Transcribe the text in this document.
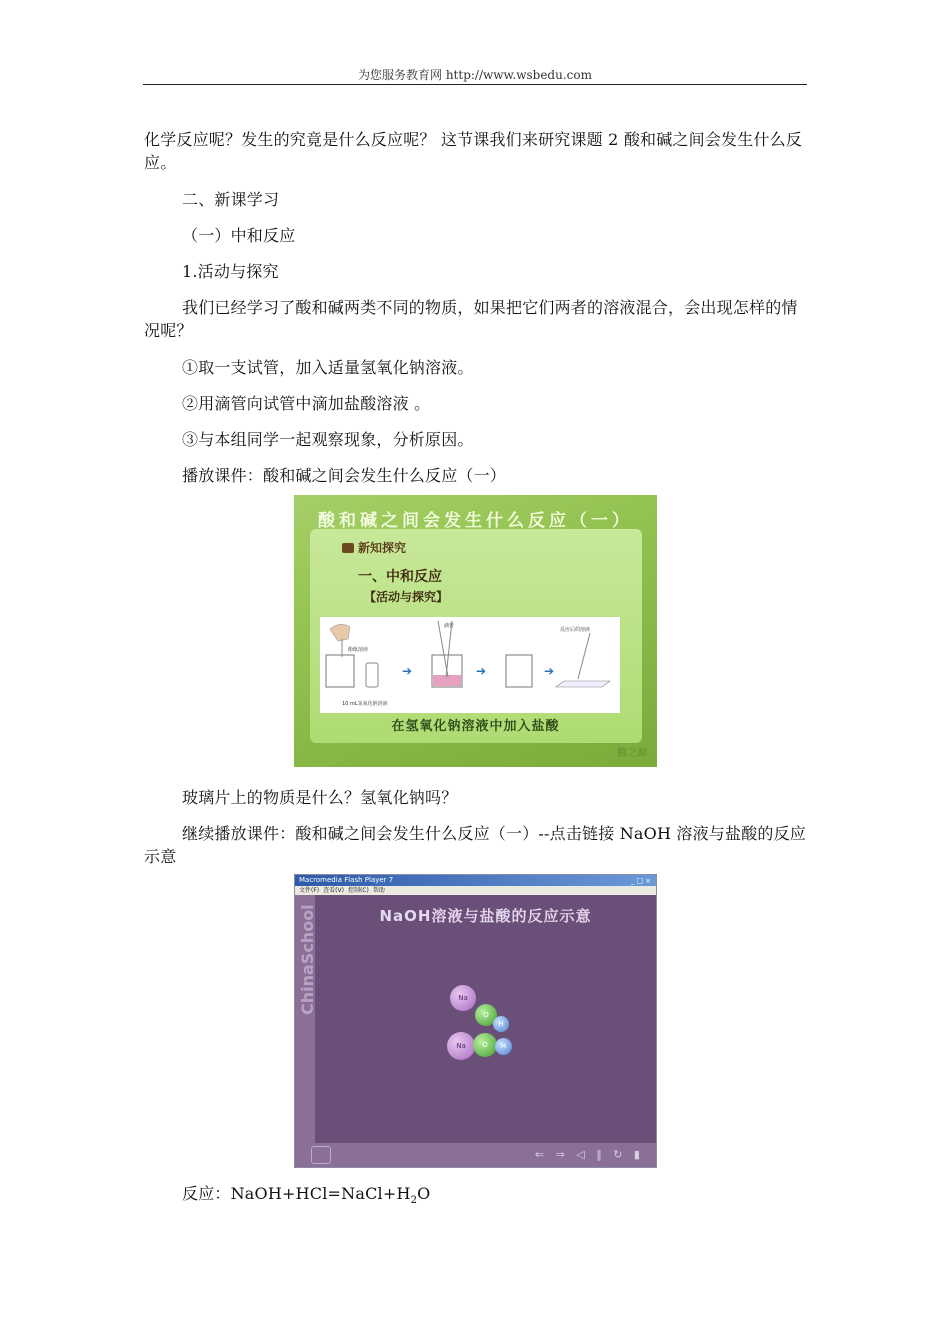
为您服务教育网 http://www.wsbedu.com
化学反应呢？发生的究竟是什么反应呢？ 这节课我们来研究课题 2 酸和碱之间会发生什么反应。
二、新课学习
（一）中和反应
1.活动与探究
我们已经学习了酸和碱两类不同的物质，如果把它们两者的溶液混合，会出现怎样的情况呢？
①取一支试管，加入适量氢氧化钠溶液。
②用滴管向试管中滴加盐酸溶液 。
③与本组同学一起观察现象，分析原因。
播放课件：酸和碱之间会发生什么反应（一）
酸和碱之间会发生什么反应（一）
新知探究
一、中和反应
【活动与探究】
酚酞溶液
10 mL氢氧化钠溶液
滴管
➔	➔	➔
反应后的溶液
在氢氧化钠溶液中加入盐酸
腾之源
玻璃片上的物质是什么？氢氧化钠吗？
继续播放课件：酸和碱之间会发生什么反应（一）--点击链接 NaOH 溶液与盐酸的反应示意
Macromedia Flash Player 7	_□×
文件(F) 查看(V) 控制(C) 帮助
ChinaSchool	NaOH溶液与盐酸的反应示意
Na
O
H
Na	O	H
⇐ ⇒ ◁ ‖ ↻ ▮
反应：$NaOH+HCl=NaCl+H_2O$
